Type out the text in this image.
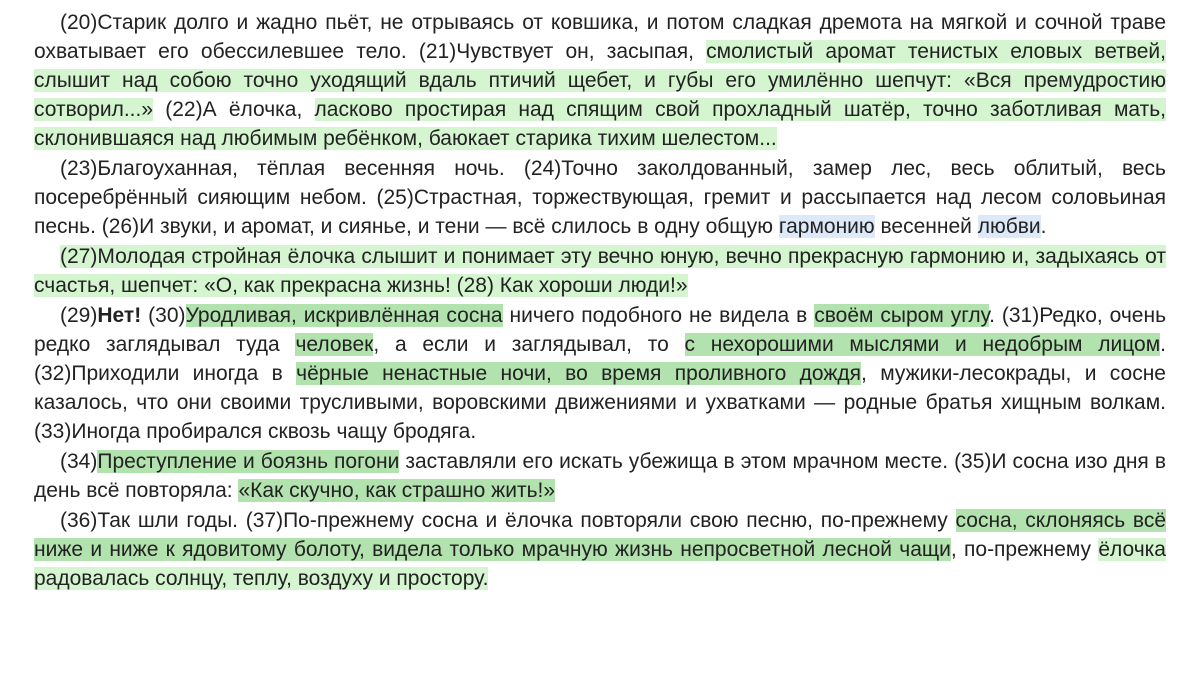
(20)Старик долго и жадно пьёт, не отрываясь от ковшика, и потом сладкая дремота на мягкой и сочной траве охватывает его обессилевшее тело. (21)Чувствует он, засыпая, смолистый аромат тенистых еловых ветвей, слышит над собою точно уходящий вдаль птичий щебет, и губы его умилённо шепчут: «Вся премудростию сотворил...» (22)А ёлочка, ласково простирая над спящим свой прохладный шатёр, точно заботливая мать, склонившаяся над любимым ребёнком, баюкает старика тихим шелестом...

(23)Благоуханная, тёплая весенняя ночь. (24)Точно заколдованный, замер лес, весь облитый, весь посеребрённый сияющим небом. (25)Страстная, торжествующая, гремит и рассыпается над лесом соловьиная песнь. (26)И звуки, и аромат, и сиянье, и тени — всё слилось в одну общую гармонию весенней любви.

(27)Молодая стройная ёлочка слышит и понимает эту вечно юную, вечно прекрасную гармонию и, задыхаясь от счастья, шепчет: «О, как прекрасна жизнь! (28) Как хороши люди!»

(29)Нет! (30)Уродливая, искривлённая сосна ничего подобного не видела в своём сыром углу. (31)Редко, очень редко заглядывал туда человек, а если и заглядывал, то с нехорошими мыслями и недобрым лицом. (32)Приходили иногда в чёрные ненастные ночи, во время проливного дождя, мужики-лесокрады, и сосне казалось, что они своими трусливыми, воровскими движениями и ухватками — родные братья хищным волкам. (33)Иногда пробирался сквозь чащу бродяга.

(34)Преступление и боязнь погони заставляли его искать убежища в этом мрачном месте. (35)И сосна изо дня в день всё повторяла: «Как скучно, как страшно жить!»

(36)Так шли годы. (37)По-прежнему сосна и ёлочка повторяли свою песню, по-прежнему сосна, склоняясь всё ниже и ниже к ядовитому болоту, видела только мрачную жизнь непросветной лесной чащи, по-прежнему ёлочка радовалась солнцу, теплу, воздуху и простору.
